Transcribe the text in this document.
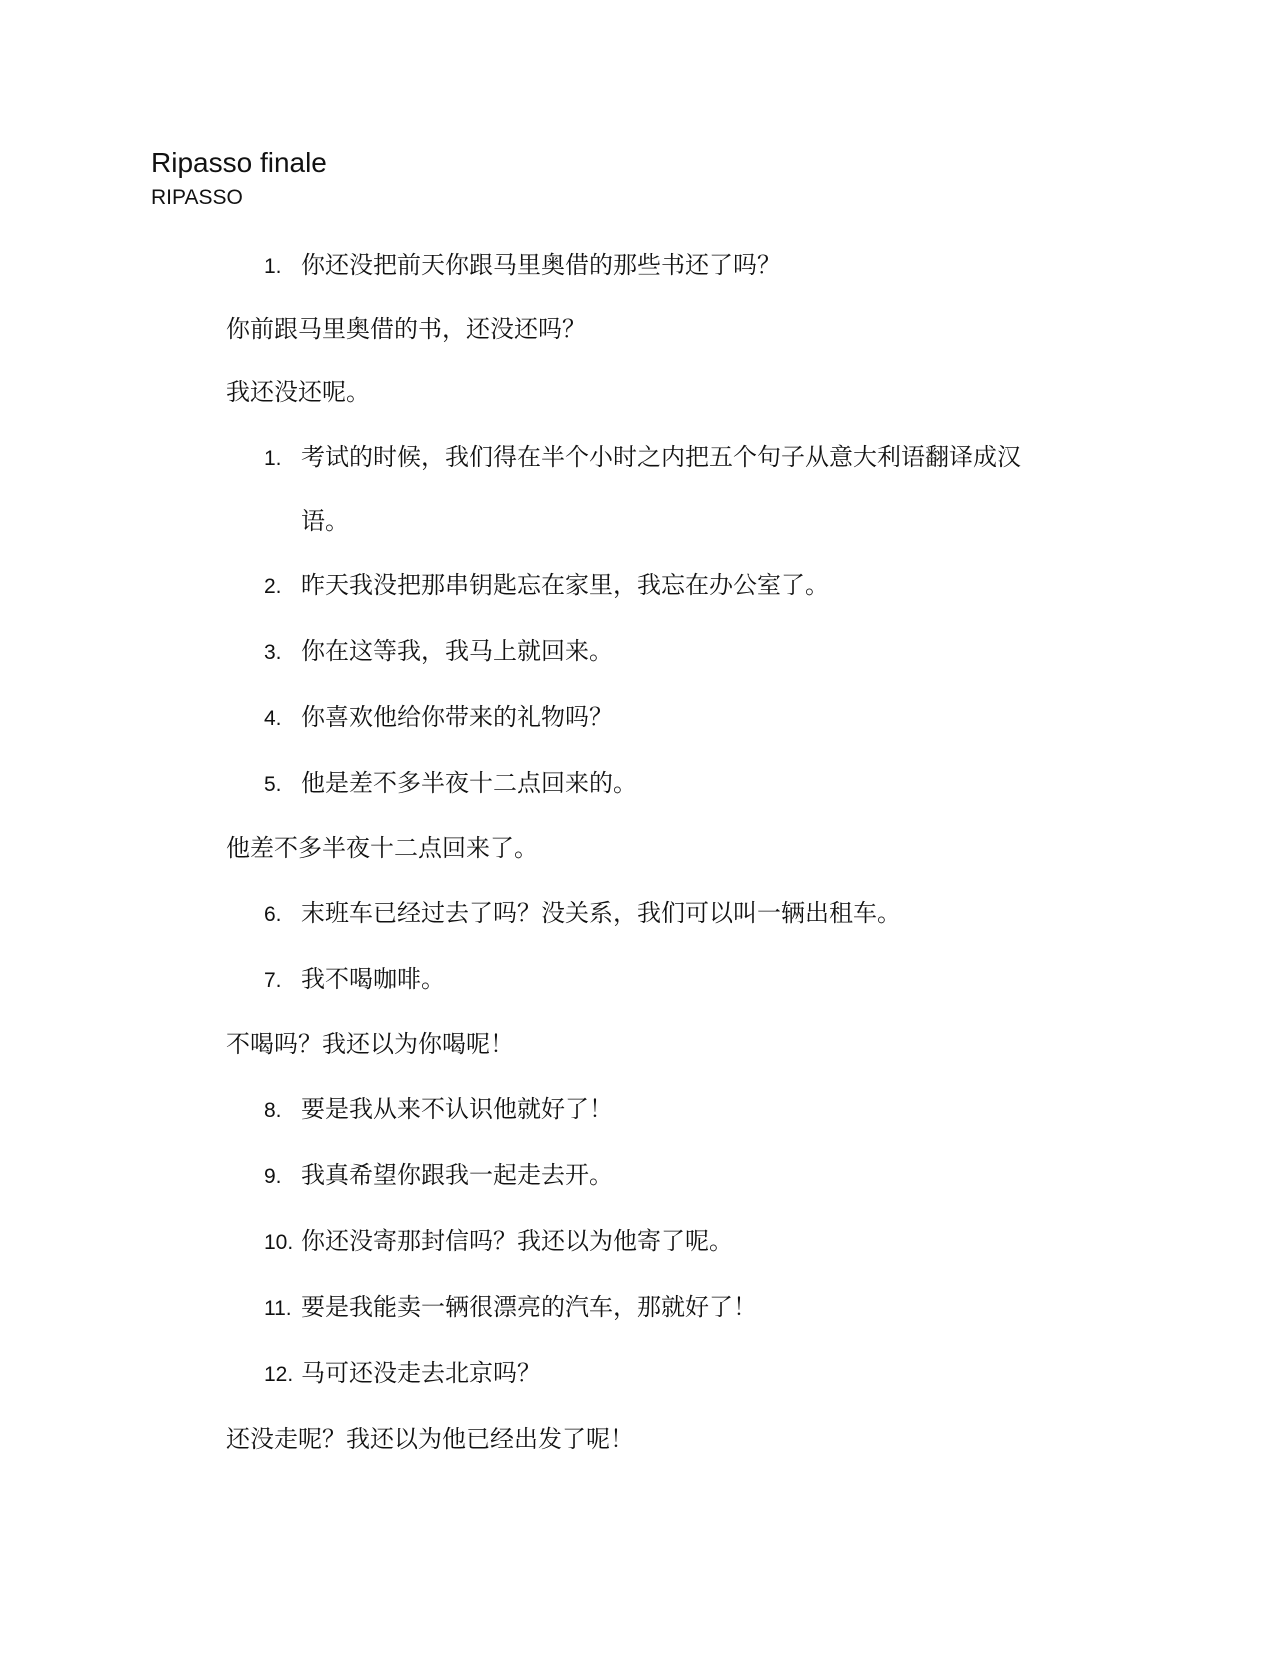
Ripasso finale
RIPASSO
1. 你还没把前天你跟马里奥借的那些书还了吗？
你前跟马里奥借的书，还没还吗？
我还没还呢。
1. 考试的时候，我们得在半个小时之内把五个句子从意大利语翻译成汉
语。
2. 昨天我没把那串钥匙忘在家里，我忘在办公室了。
3. 你在这等我，我马上就回来。
4. 你喜欢他给你带来的礼物吗？
5. 他是差不多半夜十二点回来的。
他差不多半夜十二点回来了。
6. 末班车已经过去了吗？没关系，我们可以叫一辆出租车。
7. 我不喝咖啡。
不喝吗？我还以为你喝呢！
8. 要是我从来不认识他就好了！
9. 我真希望你跟我一起走去开。
10. 你还没寄那封信吗？我还以为他寄了呢。
11. 要是我能卖一辆很漂亮的汽车，那就好了！
12. 马可还没走去北京吗？
还没走呢？我还以为他已经出发了呢！
